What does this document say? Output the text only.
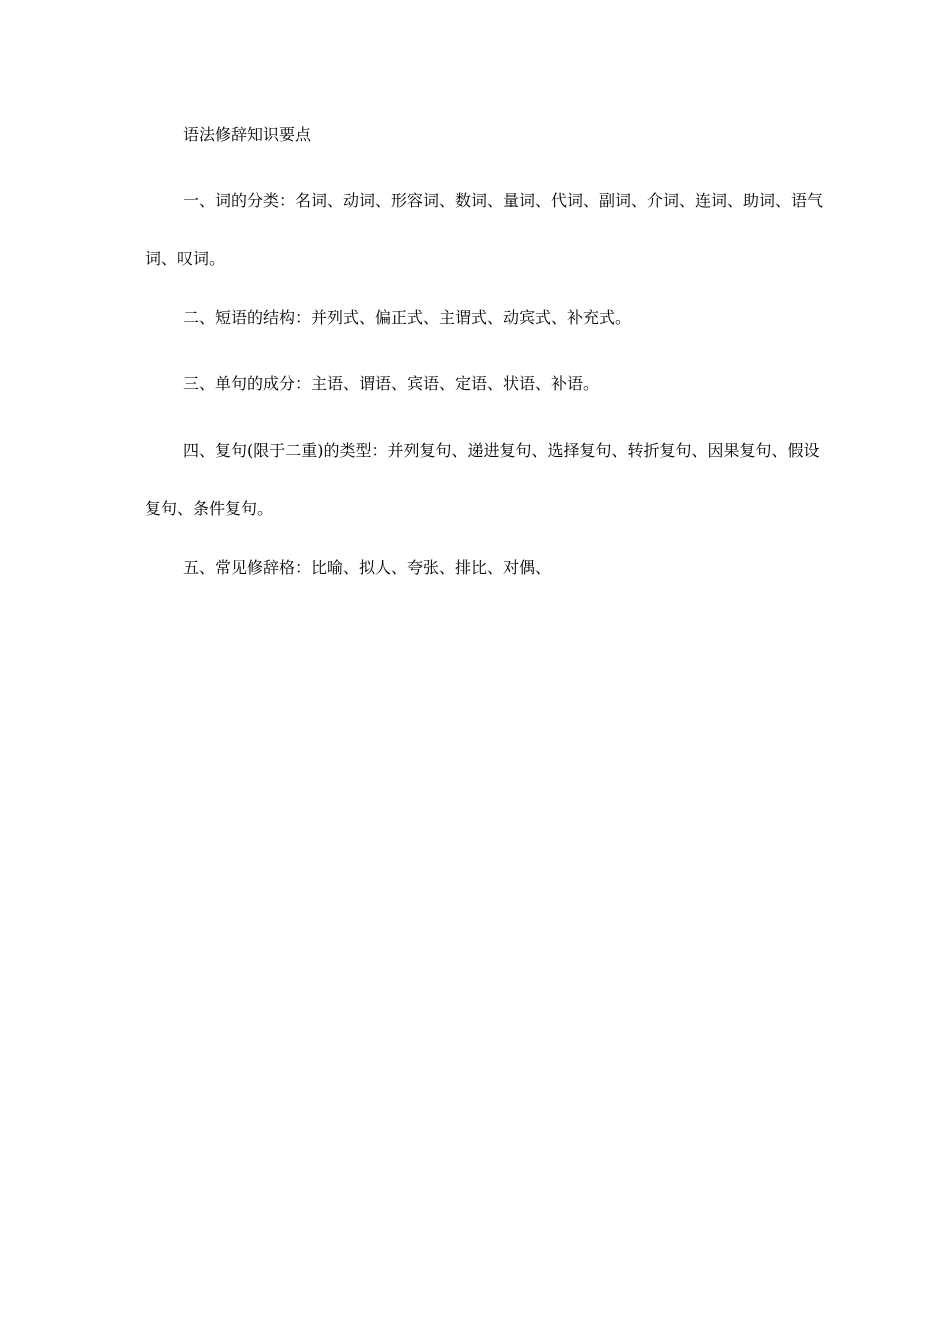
语法修辞知识要点

一、词的分类：名词、动词、形容词、数词、量词、代词、副词、介词、连词、助词、语气词、叹词。

二、短语的结构：并列式、偏正式、主谓式、动宾式、补充式。

三、单句的成分：主语、谓语、宾语、定语、状语、补语。

四、复句(限于二重)的类型：并列复句、递进复句、选择复句、转折复句、因果复句、假设复句、条件复句。

五、常见修辞格：比喻、拟人、夸张、排比、对偶、
